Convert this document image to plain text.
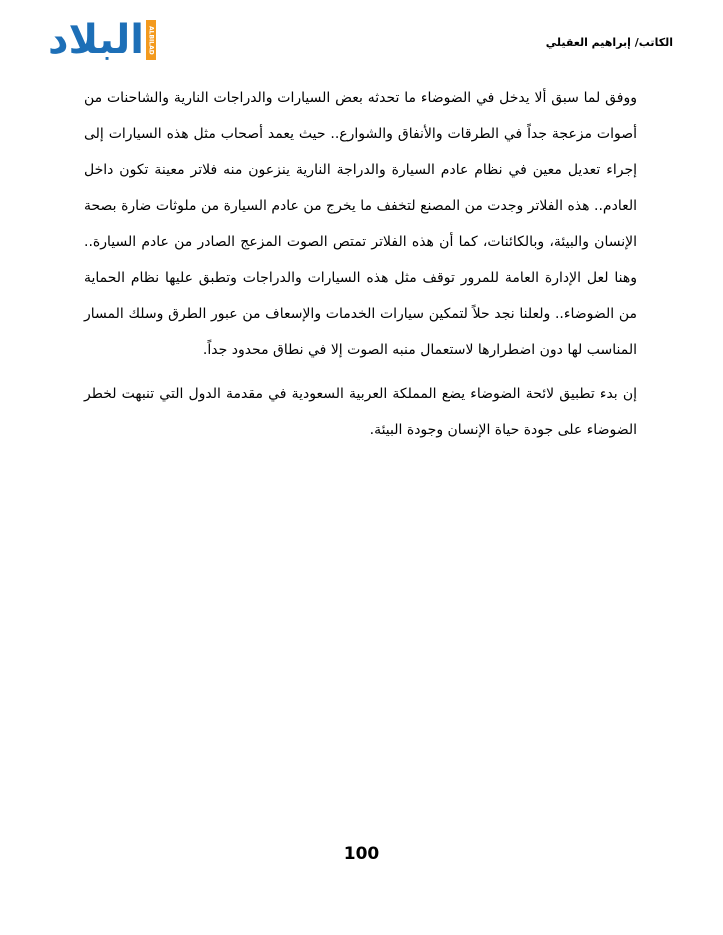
البلاد ALBILAD	الكاتب/ إبراهيم العقيلي

ووفق لما سبق ألا يدخل في الضوضاء ما تحدثه بعض السيارات والدراجات النارية والشاحنات من أصوات مزعجة جداً في الطرقات والأنفاق والشوارع.. حيث يعمد أصحاب مثل هذه السيارات إلى إجراء تعديل معين في نظام عادم السيارة والدراجة النارية ينزعون منه فلاتر معينة تكون داخل العادم.. هذه الفلاتر وجدت من المصنع لتخفف ما يخرج من عادم السيارة من ملوثات ضارة بصحة الإنسان والبيئة، وبالكائنات، كما أن هذه الفلاتر تمتص الصوت المزعج الصادر من عادم السيارة.. وهنا لعل الإدارة العامة للمرور توقف مثل هذه السيارات والدراجات وتطبق عليها نظام الحماية من الضوضاء.. ولعلنا نجد حلاً لتمكين سيارات الخدمات والإسعاف من عبور الطرق وسلك المسار المناسب لها دون اضطرارها لاستعمال منبه الصوت إلا في نطاق محدود جداً.

إن بدء تطبيق لائحة الضوضاء يضع المملكة العربية السعودية في مقدمة الدول التي تنبهت لخطر الضوضاء على جودة حياة الإنسان وجودة البيئة.

100
